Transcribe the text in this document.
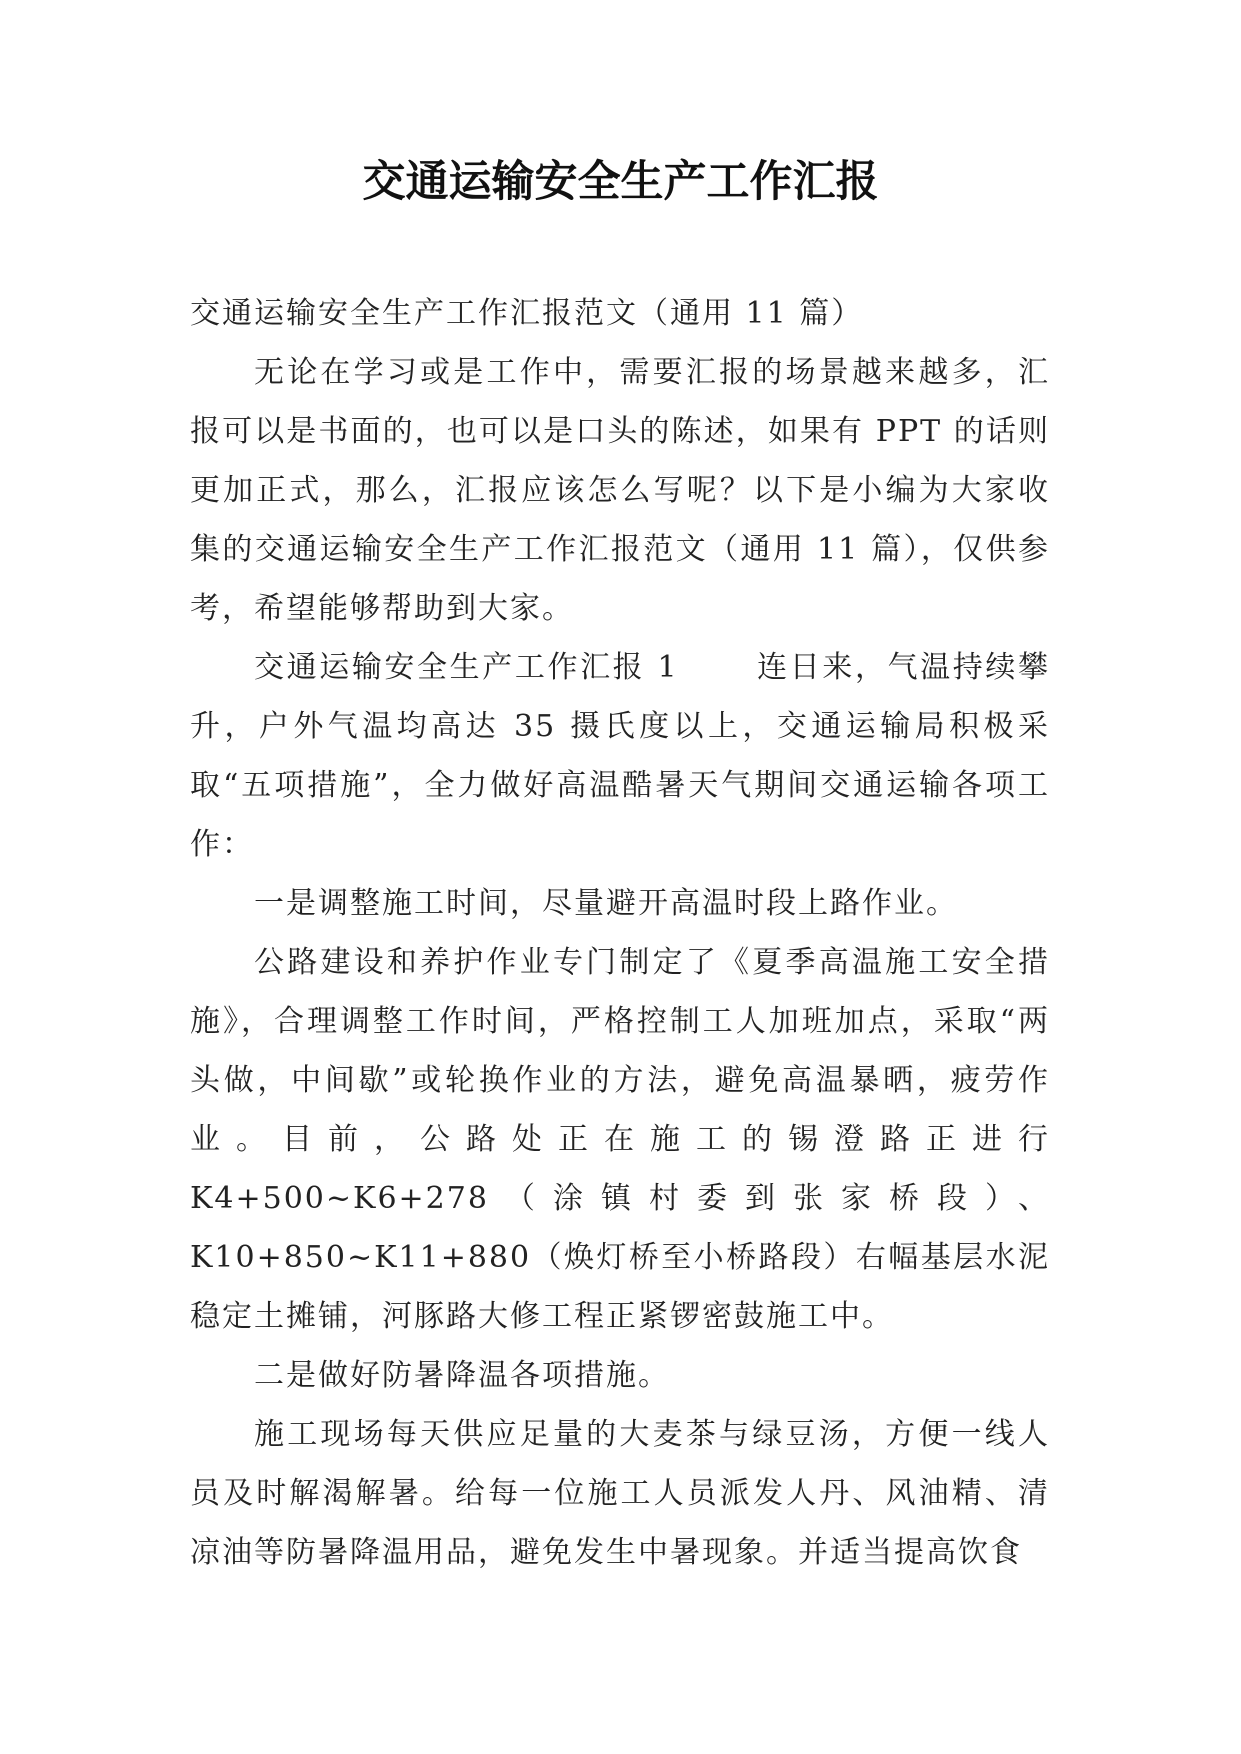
交通运输安全生产工作汇报

交通运输安全生产工作汇报范文（通用 11 篇）

无论在学习或是工作中，需要汇报的场景越来越多，汇报可以是书面的，也可以是口头的陈述，如果有 PPT 的话则更加正式，那么，汇报应该怎么写呢？以下是小编为大家收集的交通运输安全生产工作汇报范文（通用 11 篇），仅供参考，希望能够帮助到大家。

交通运输安全生产工作汇报 1	连日来，气温持续攀升，户外气温均高达 35 摄氏度以上，交通运输局积极采取“五项措施”，全力做好高温酷暑天气期间交通运输各项工作：

一是调整施工时间，尽量避开高温时段上路作业。

公路建设和养护作业专门制定了《夏季高温施工安全措施》，合理调整工作时间，严格控制工人加班加点，采取“两头做，中间歇”或轮换作业的方法，避免高温暴晒，疲劳作业。目前，公路处正在施工的锡澄路正进行 K4+500~K6+278（涂镇村委到张家桥段）、K10+850~K11+880（焕灯桥至小桥路段）右幅基层水泥稳定土摊铺，河豚路大修工程正紧锣密鼓施工中。

二是做好防暑降温各项措施。

施工现场每天供应足量的大麦茶与绿豆汤，方便一线人员及时解渴解暑。给每一位施工人员派发人丹、风油精、清凉油等防暑降温用品，避免发生中暑现象。并适当提高饮食
